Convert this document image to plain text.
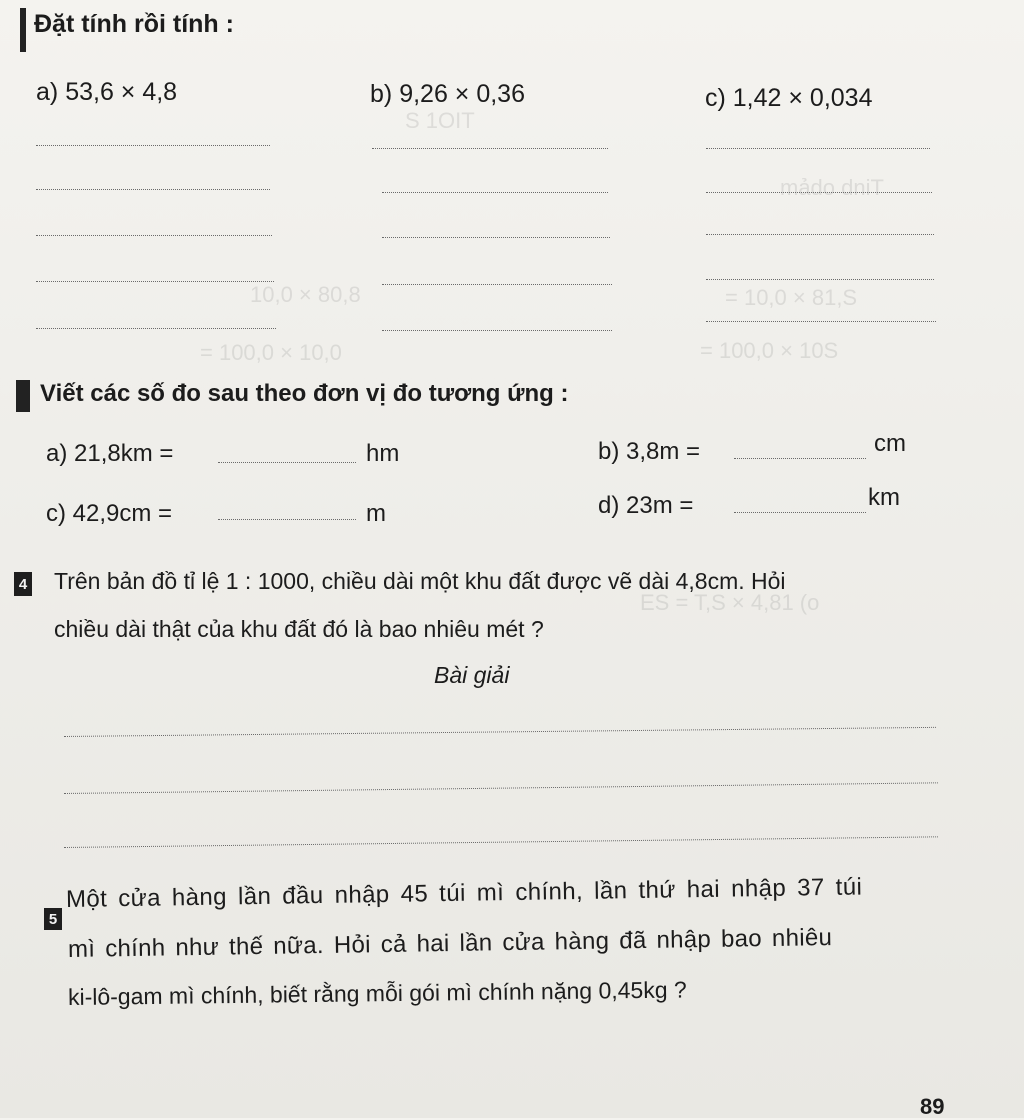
S 1OIT
mảdo dniT
10,0 × 80,8	= 10,0 × 81,S
= 100,0 × 10,0	= 100,0 × 10S
ES = T,S × 4,81 (o
Đặt tính rồi tính :
a) 53,6 × 4,8	b) 9,26 × 0,36	c) 1,42 × 0,034
Viết các số đo sau theo đơn vị đo tương ứng :
a) 21,8km =	hm	b) 3,8m =	cm
c) 42,9cm =	m	d) 23m =	km
4 Trên bản đồ tỉ lệ 1 : 1000, chiều dài một khu đất được vẽ dài 4,8cm. Hỏi
chiều dài thật của khu đất đó là bao nhiêu mét ?
Bài giải
5
Một cửa hàng lần đầu nhập 45 túi mì chính, lần thứ hai nhập 37 túi
mì chính như thế nữa. Hỏi cả hai lần cửa hàng đã nhập bao nhiêu
ki-lô-gam mì chính, biết rằng mỗi gói mì chính nặng 0,45kg ?
89
